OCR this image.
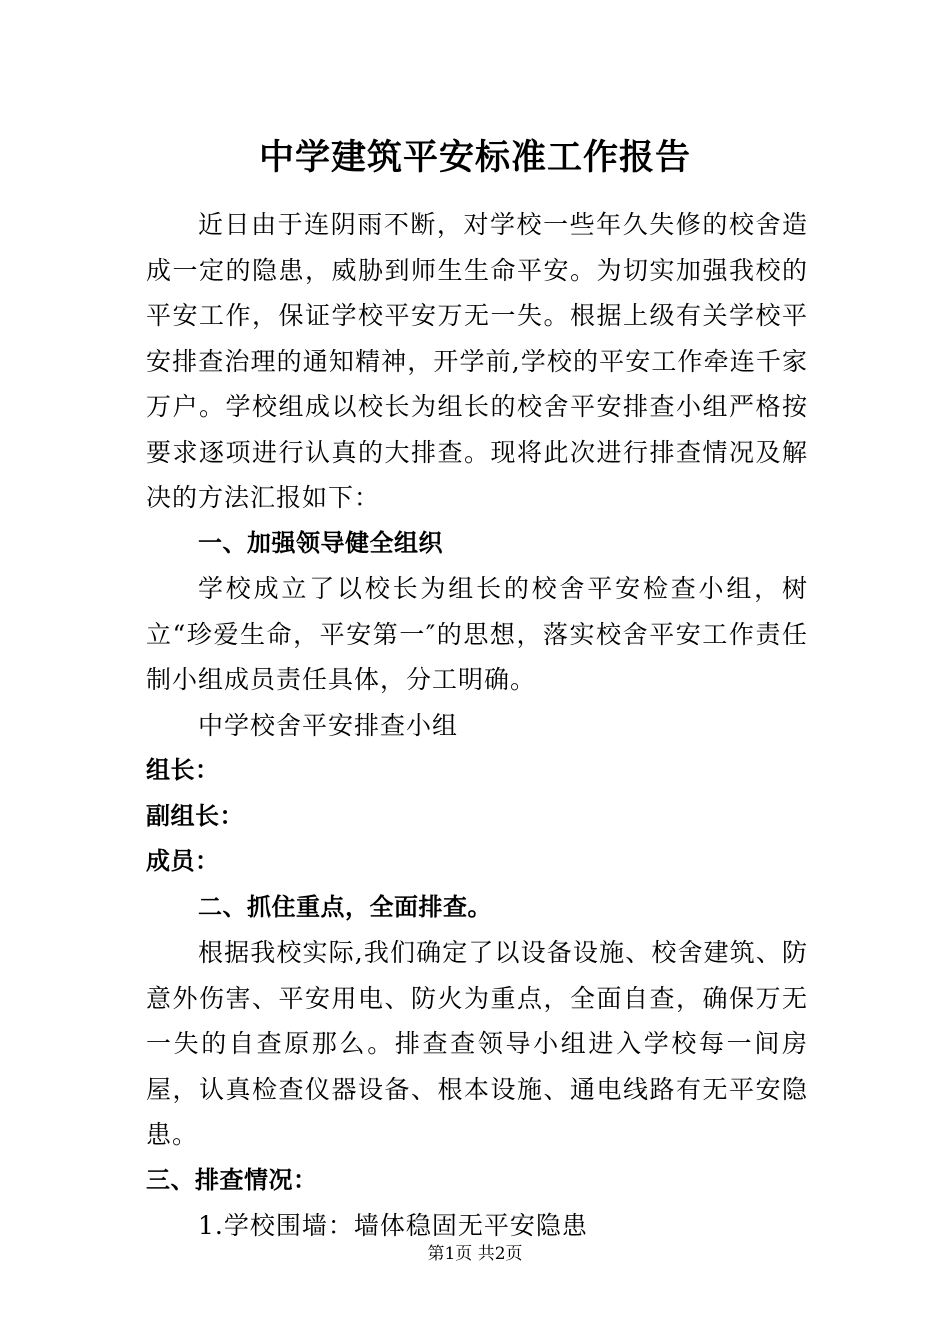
中学建筑平安标准工作报告

近日由于连阴雨不断，对学校一些年久失修的校舍造成一定的隐患，威胁到师生生命平安。为切实加强我校的平安工作，保证学校平安万无一失。根据上级有关学校平安排查治理的通知精神，开学前,学校的平安工作牵连千家万户。学校组成以校长为组长的校舍平安排查小组严格按要求逐项进行认真的大排查。现将此次进行排查情况及解决的方法汇报如下：

一、加强领导健全组织

学校成立了以校长为组长的校舍平安检查小组，树立“珍爱生命，平安第一″的思想，落实校舍平安工作责任制小组成员责任具体，分工明确。

中学校舍平安排查小组

组长：

副组长：

成员：

二、抓住重点，全面排查。

根据我校实际,我们确定了以设备设施、校舍建筑、防意外伤害、平安用电、防火为重点，全面自查，确保万无一失的自查原那么。排查查领导小组进入学校每一间房屋，认真检查仪器设备、根本设施、通电线路有无平安隐患。

三、排查情况：

1.学校围墙：墙体稳固无平安隐患

第1页 共2页
